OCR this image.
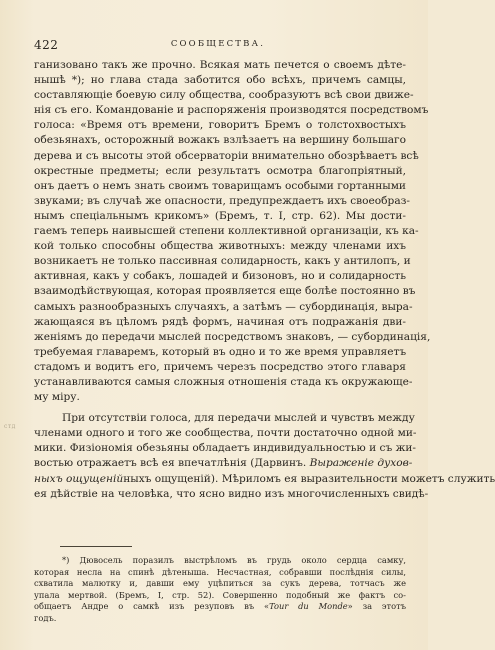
422	СООБЩЕСТВА.
стд
ганизовано такъ же прочно. Всякая мать печется о своемъ дѣте-
нышѣ *); но глава стада заботится обо всѣхъ, причемъ самцы,
составляющіе боевую силу общества, сообразуютъ всѣ свои движе-
нія съ его. Командованіе и распоряженія производятся посредствомъ
голоса: «Время отъ времени, говоритъ Бремъ о толстохвостыхъ
обезьянахъ, осторожный вожакъ взлѣзаетъ на вершину большаго
дерева и съ высоты этой обсерваторіи внимательно обозрѣваетъ всѣ
окрестные предметы; если результатъ осмотра благопріятный,
онъ даетъ о немъ знать своимъ товарищамъ особыми гортанными
звуками; въ случаѣ же опасности, предупреждаетъ ихъ своеобраз-
нымъ спеціальнымъ крикомъ» (Бремъ, т. I, стр. 62). Мы дости-
гаемъ теперь наивысшей степени коллективной организаціи, къ ка-
кой только способны общества животныхъ: между членами ихъ
возникаетъ не только пассивная солидарность, какъ у антилопъ, и
активная, какъ у собакъ, лошадей и бизоновъ, но и солидарность
взаимодѣйствующая, которая проявляется еще болѣе постоянно въ
самыхъ разнообразныхъ случаяхъ, а затѣмъ — субординація, выра-
жающаяся въ цѣломъ рядѣ формъ, начиная отъ подражанія дви-
женіямъ до передачи мыслей посредствомъ знаковъ, — субординація,
требуемая главаремъ, который въ одно и то же время управляетъ
стадомъ и водитъ его, причемъ черезъ посредство этого главаря
устанавливаются самыя сложныя отношенія стада къ окружающе-
му міру.
При отсутствіи голоса, для передачи мыслей и чувствъ между
членами одного и того же сообщества, почти достаточно одной ми-
мики. Физіономія обезьяны обладаетъ индивидуальностью и съ жи-
востью отражаетъ всѣ ея впечатлѣнія (Дарвинъ. Выраженіе духов-
ныхъ ощущенійныхъ ощущеній). Мѣриломъ ея выразительности можетъ служить
ея дѣйствіе на человѣка, что ясно видно изъ многочисленныхъ свидѣ-
*) Дювосель поразилъ выстрѣломъ въ грудь около сердца самку,
которая несла на спинѣ дѣтеныша. Несчастная, собравши послѣднія силы,
схватила малютку и, давши ему уцѣпиться за сукъ дерева, тотчасъ же
упала мертвой. (Бремъ, I, стр. 52). Совершенно подобный же фактъ со-
общаетъ Андре о самкѣ изъ резуповъ въ «Tour du Monde» за этотъ
годъ.
